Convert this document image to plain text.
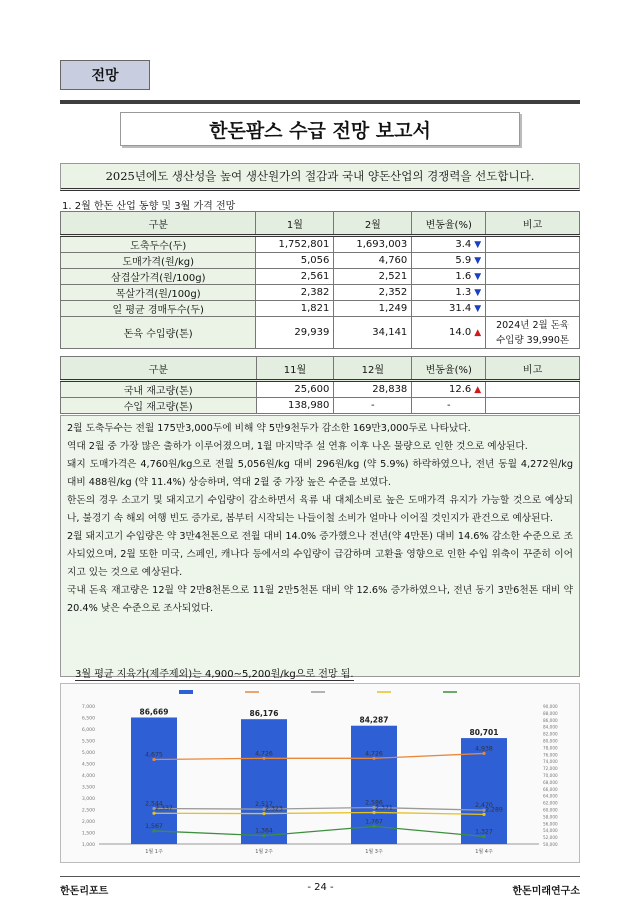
전망
한돈팜스 수급 전망 보고서
2025년에도 생산성을 높여 생산원가의 절감과 국내 양돈산업의 경쟁력을 선도합니다.
1. 2월 한돈 산업 동향 및 3월 가격 전망
구분	1월	2월	변동율(%)	비고
도축두수(두)	1,752,801	1,693,003	3.4 ▼	
도매가격(원/kg)	5,056	4,760	5.9 ▼	
삼겹살가격(원/100g)	2,561	2,521	1.6 ▼	
목살가격(원/100g)	2,382	2,352	1.3 ▼	
일 평균 경매두수(두)	1,821	1,249	31.4 ▼	
돈육 수입량(톤)	29,939	34,141	14.0 ▲	2024년 2월 돈육 수입량 39,990톤
구분	11월	12월	변동율(%)	비고
국내 재고량(톤)	25,600	28,838	12.6 ▲	
수입 재고량(톤)	138,980	-	-	

2월 도축두수는 전월 175만3,000두에 비해 약 5만9천두가 감소한 169만3,000두로 나타났다.

역대 2월 중 가장 많은 출하가 이루어졌으며, 1월 마지막주 설 연휴 이후 나온 물량으로 인한 것으로 예상된다.

돼지 도매가격은 4,760원/kg으로 전월 5,056원/kg 대비 296원/kg (약 5.9%) 하락하였으나, 전년 동월 4,272원/kg 대비 488원/kg (약 11.4%) 상승하며, 역대 2월 중 가장 높은 수준을 보였다.

한돈의 경우 소고기 및 돼지고기 수입량이 감소하면서 육류 내 대체소비로 높은 도매가격 유지가 가능할 것으로 예상되나, 불경기 속 해외 여행 빈도 증가로, 봄부터 시작되는 나들이철 소비가 얼마나 이어질 것인지가 관건으로 예상된다.

2월 돼지고기 수입량은 약 3만4천톤으로 전월 대비 14.0% 증가했으나 전년(약 4만톤) 대비 14.6% 감소한 수준으로 조사되었으며, 2월 또한 미국, 스페인, 캐나다 등에서의 수입량이 급감하며 고환율 영향으로 인한 수입 위축이 꾸준히 이어지고 있는 것으로 예상된다.

국내 돈육 재고량은 12월 약 2만8천톤으로 11월 2만5천톤 대비 약 12.6% 증가하였으나, 전년 동기 3만6천톤 대비 약 20.4% 낮은 수준으로 조사되었다.

3월 평균 지육가(제주제외)는 4,900~5,200원/kg으로 전망 됨.
1,000
1,500
2,000
2,500
3,000
3,500
4,000
4,500
5,000
5,500
6,000
6,500
7,000
50,000
52,000
54,000
56,000
58,000
60,000
62,000
64,000
66,000
68,000
70,000
72,000
74,000
76,000
78,000
80,000
82,000
84,000
86,000
88,000
90,000
86,669	86,176
84,287
80,701
4,675	4,726	4,726
4,938
2,544	2,517	2,586	2,470
2,337	2,323	2,371	2,289
1,567
1,364
1,767
1,327
1월 1주	1월 2주	1월 3주	1월 4주
한돈리포트	- 24 -	한돈미래연구소
